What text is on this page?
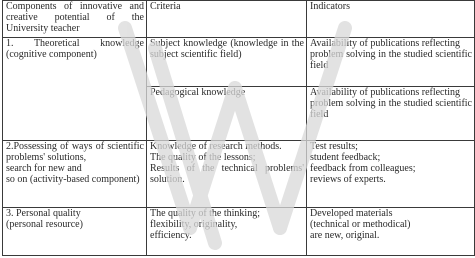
Components of innovative and creative potential of the University teacher	Criteria	Indicators
1. Theoretical knowledge (cognitive component)	Subject knowledge (knowledge in the subject scientific field)	Availability of publications reflecting
problem solving in the studied scientific field

	Pedagogical knowledge	Availability of publications reflecting
problem solving in the studied scientific field

2.Possessing of ways of scientific problems' solutions,
search for new and
so on (activity-based component)	Knowledge of research methods.
The quality of the lessons;
Results of the technical problems' solution.	Test results;
student feedback;
feedback from colleagues;
reviews of experts.
3. Personal quality
(personal resource)	The quality of the thinking;
flexibility, originality,
efficiency.	Developed materials
(technical or methodical)
are new, original.
